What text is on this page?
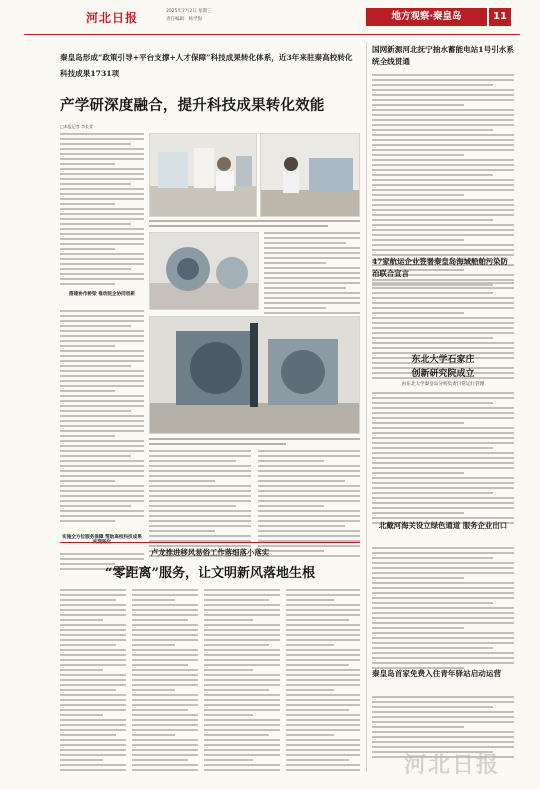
河北日报	2025年7月2日 星期三
责任编辑：杨学海	地方观察·秦皇岛	11
秦皇岛形成“政策引导+平台支撑+人才保障”科技成果转化体系，近3年来驻秦高校转化科技成果1731项
产学研深度融合，提升科技成果转化效能
□本报记者 李长青
搭建协作桥梁 推动院企协同创新
实施全方位服务保障 帮助高校科技成果
卢龙推进移风易俗工作落细落小落实
“零距离”服务，让文明新风落地生根
国网新源河北抚宁抽水蓄能电站1号引水系统全线贯通
47家航运企业签署秦皇岛海域船舶污染防治联合宣言
东北大学石家庄
创新研究院成立
由东北大学秦皇岛分校负责日常运行管理
北戴河海关设立绿色通道 服务企业出口
秦皇岛首家免费入住青年驿站启动运营
河北日报
